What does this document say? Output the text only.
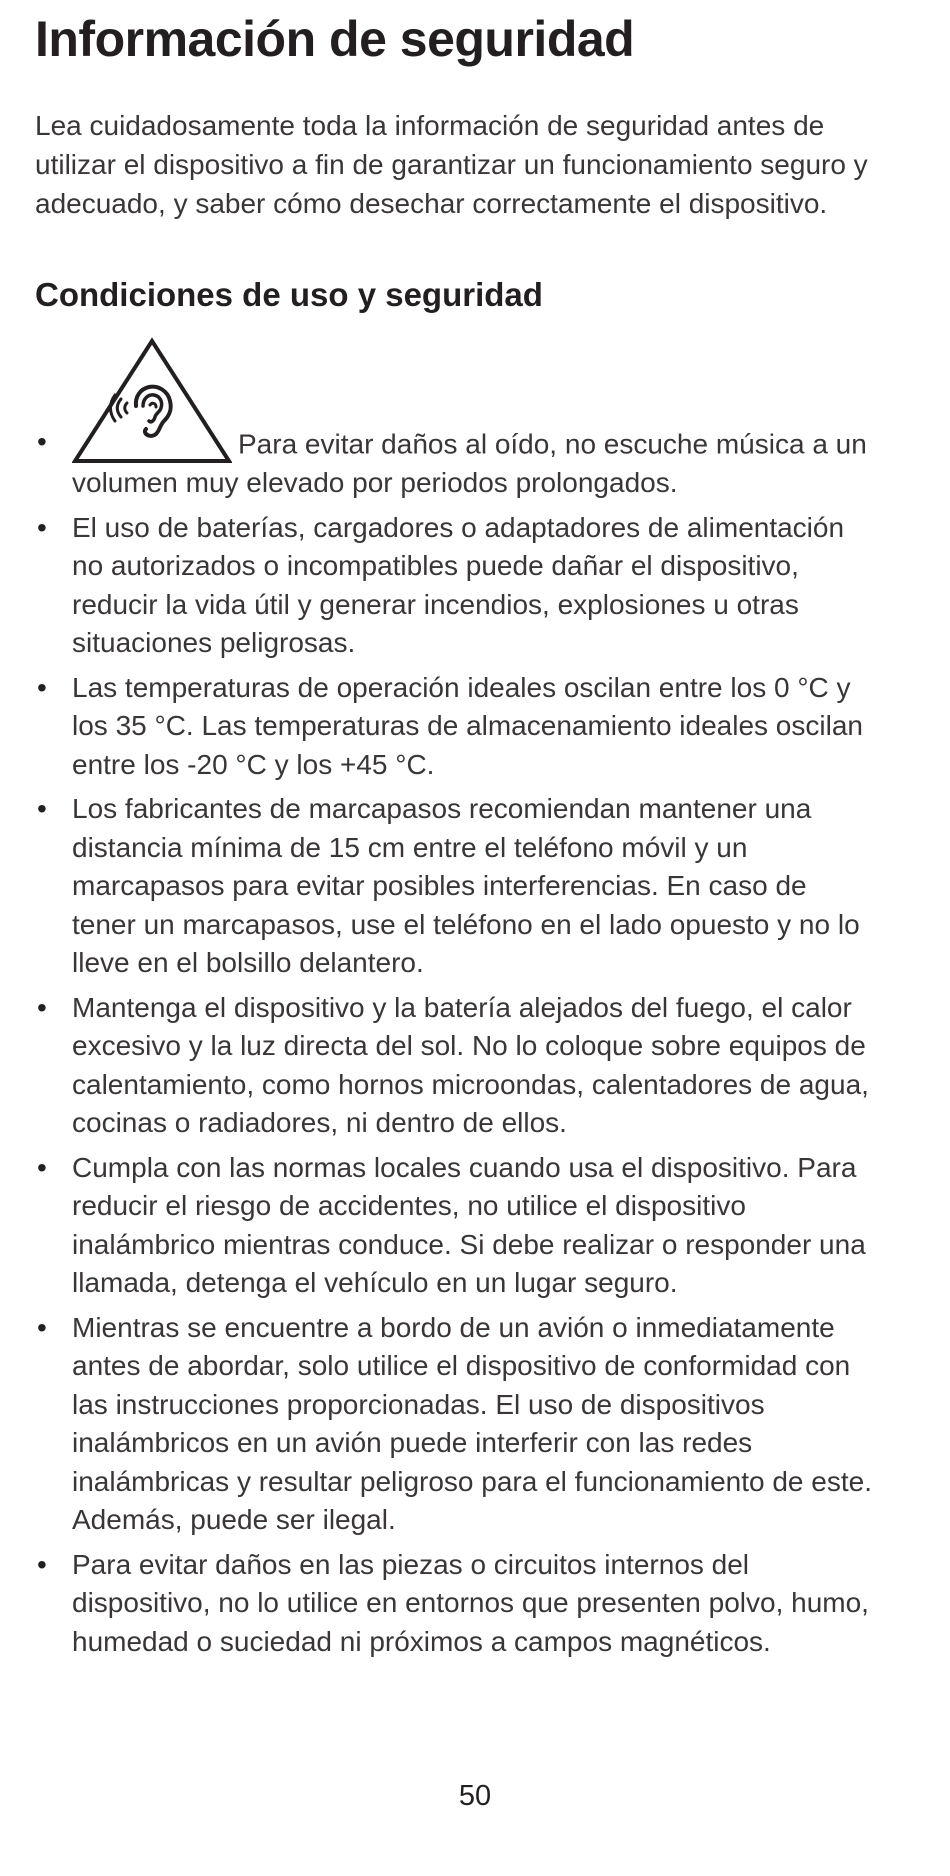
Información de seguridad

Lea cuidadosamente toda la información de seguridad antes de utilizar el dispositivo a fin de garantizar un funcionamiento seguro y adecuado, y saber cómo desechar correctamente el dispositivo.

Condiciones de uso y seguridad
•	Para evitar daños al oído, no escuche música a un volumen muy elevado por periodos prolongados.
• El uso de baterías, cargadores o adaptadores de alimentación no autorizados o incompatibles puede dañar el dispositivo, reducir la vida útil y generar incendios, explosiones u otras situaciones peligrosas.
• Las temperaturas de operación ideales oscilan entre los 0 °C y los 35 °C. Las temperaturas de almacenamiento ideales oscilan entre los -20 °C y los +45 °C.
• Los fabricantes de marcapasos recomiendan mantener una distancia mínima de 15 cm entre el teléfono móvil y un marcapasos para evitar posibles interferencias. En caso de tener un marcapasos, use el teléfono en el lado opuesto y no lo lleve en el bolsillo delantero.
• Mantenga el dispositivo y la batería alejados del fuego, el calor excesivo y la luz directa del sol. No lo coloque sobre equipos de calentamiento, como hornos microondas, calentadores de agua, cocinas o radiadores, ni dentro de ellos.
• Cumpla con las normas locales cuando usa el dispositivo. Para reducir el riesgo de accidentes, no utilice el dispositivo inalámbrico mientras conduce. Si debe realizar o responder una llamada, detenga el vehículo en un lugar seguro.
• Mientras se encuentre a bordo de un avión o inmediatamente antes de abordar, solo utilice el dispositivo de conformidad con las instrucciones proporcionadas. El uso de dispositivos inalámbricos en un avión puede interferir con las redes inalámbricas y resultar peligroso para el funcionamiento de este. Además, puede ser ilegal.
• Para evitar daños en las piezas o circuitos internos del dispositivo, no lo utilice en entornos que presenten polvo, humo, humedad o suciedad ni próximos a campos magnéticos.

50
